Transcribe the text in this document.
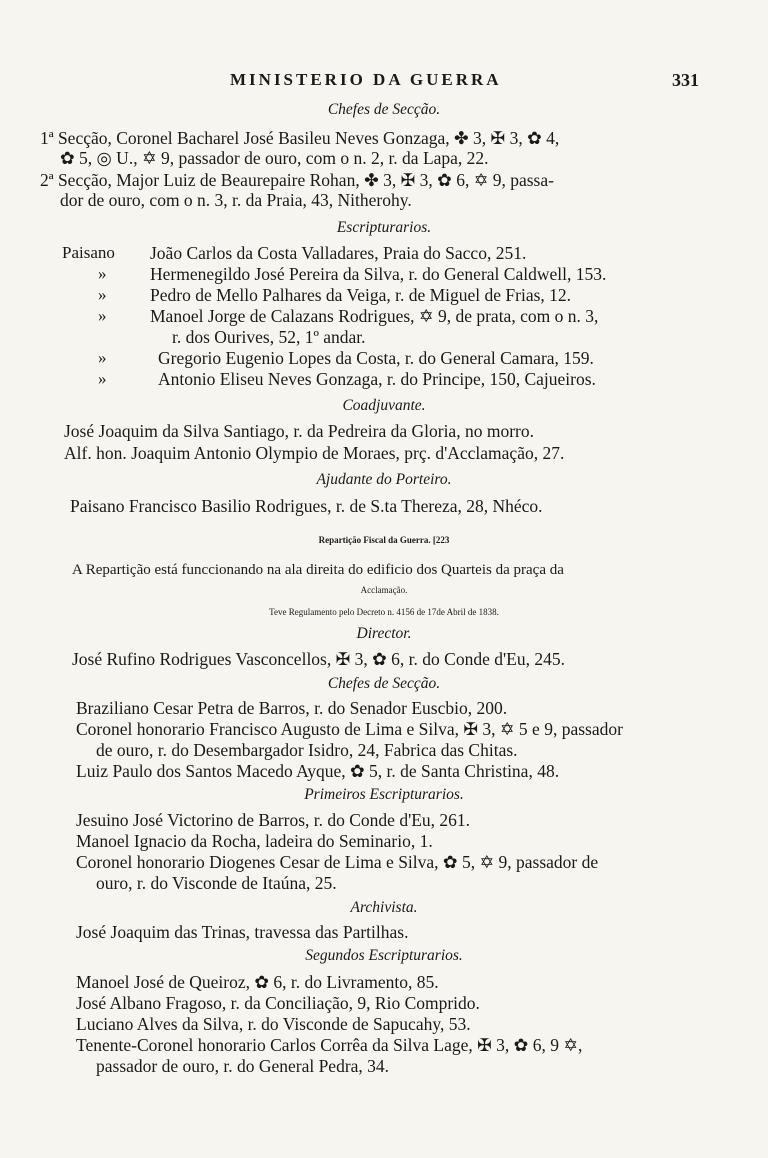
MINISTERIO DA GUERRA	331
Chefes de Secção.
1ª Secção, Coronel Bacharel José Basileu Neves Gonzaga, ✤ 3, ✠ 3, ✿ 4,
✿ 5, ◎ U., ✡ 9, passador de ouro, com o n. 2, r. da Lapa, 22.
2ª Secção, Major Luiz de Beaurepaire Rohan, ✤ 3, ✠ 3, ✿ 6, ✡ 9, passa-
dor de ouro, com o n. 3, r. da Praia, 43, Nitherohy.
Escripturarios.
Paisano João Carlos da Costa Valladares, Praia do Sacco, 251.
» Hermenegildo José Pereira da Silva, r. do General Caldwell, 153.
» Pedro de Mello Palhares da Veiga, r. de Miguel de Frias, 12.
» Manoel Jorge de Calazans Rodrigues, ✡ 9, de prata, com o n. 3,
r. dos Ourives, 52, 1º andar.
»	Gregorio Eugenio Lopes da Costa, r. do General Camara, 159.
»	Antonio Eliseu Neves Gonzaga, r. do Principe, 150, Cajueiros.
Coadjuvante.
José Joaquim da Silva Santiago, r. da Pedreira da Gloria, no morro.
Alf. hon. Joaquim Antonio Olympio de Moraes, prç. d'Acclamação, 27.
Ajudante do Porteiro.
Paisano Francisco Basilio Rodrigues, r. de S.ta Thereza, 28, Nhéco.
Repartição Fiscal da Guerra. [223
A Repartição está funccionando na ala direita do edificio dos Quarteis da praça da
Acclamação.
Teve Regulamento pelo Decreto n. 4156 de 17de Abril de 1838.
Director.
José Rufino Rodrigues Vasconcellos, ✠ 3, ✿ 6, r. do Conde d'Eu, 245.
Chefes de Secção.
Braziliano Cesar Petra de Barros, r. do Senador Euscbio, 200.
Coronel honorario Francisco Augusto de Lima e Silva, ✠ 3, ✡ 5 e 9, passador
de ouro, r. do Desembargador Isidro, 24, Fabrica das Chitas.
Luiz Paulo dos Santos Macedo Ayque, ✿ 5, r. de Santa Christina, 48.
Primeiros Escripturarios.
Jesuino José Victorino de Barros, r. do Conde d'Eu, 261.
Manoel Ignacio da Rocha, ladeira do Seminario, 1.
Coronel honorario Diogenes Cesar de Lima e Silva, ✿ 5, ✡ 9, passador de
ouro, r. do Visconde de Itaúna, 25.
Archivista.
José Joaquim das Trinas, travessa das Partilhas.
Segundos Escripturarios.
Manoel José de Queiroz, ✿ 6, r. do Livramento, 85.
José Albano Fragoso, r. da Conciliação, 9, Rio Comprido.
Luciano Alves da Silva, r. do Visconde de Sapucahy, 53.
Tenente-Coronel honorario Carlos Corrêa da Silva Lage, ✠ 3, ✿ 6, 9 ✡,
passador de ouro, r. do General Pedra, 34.
